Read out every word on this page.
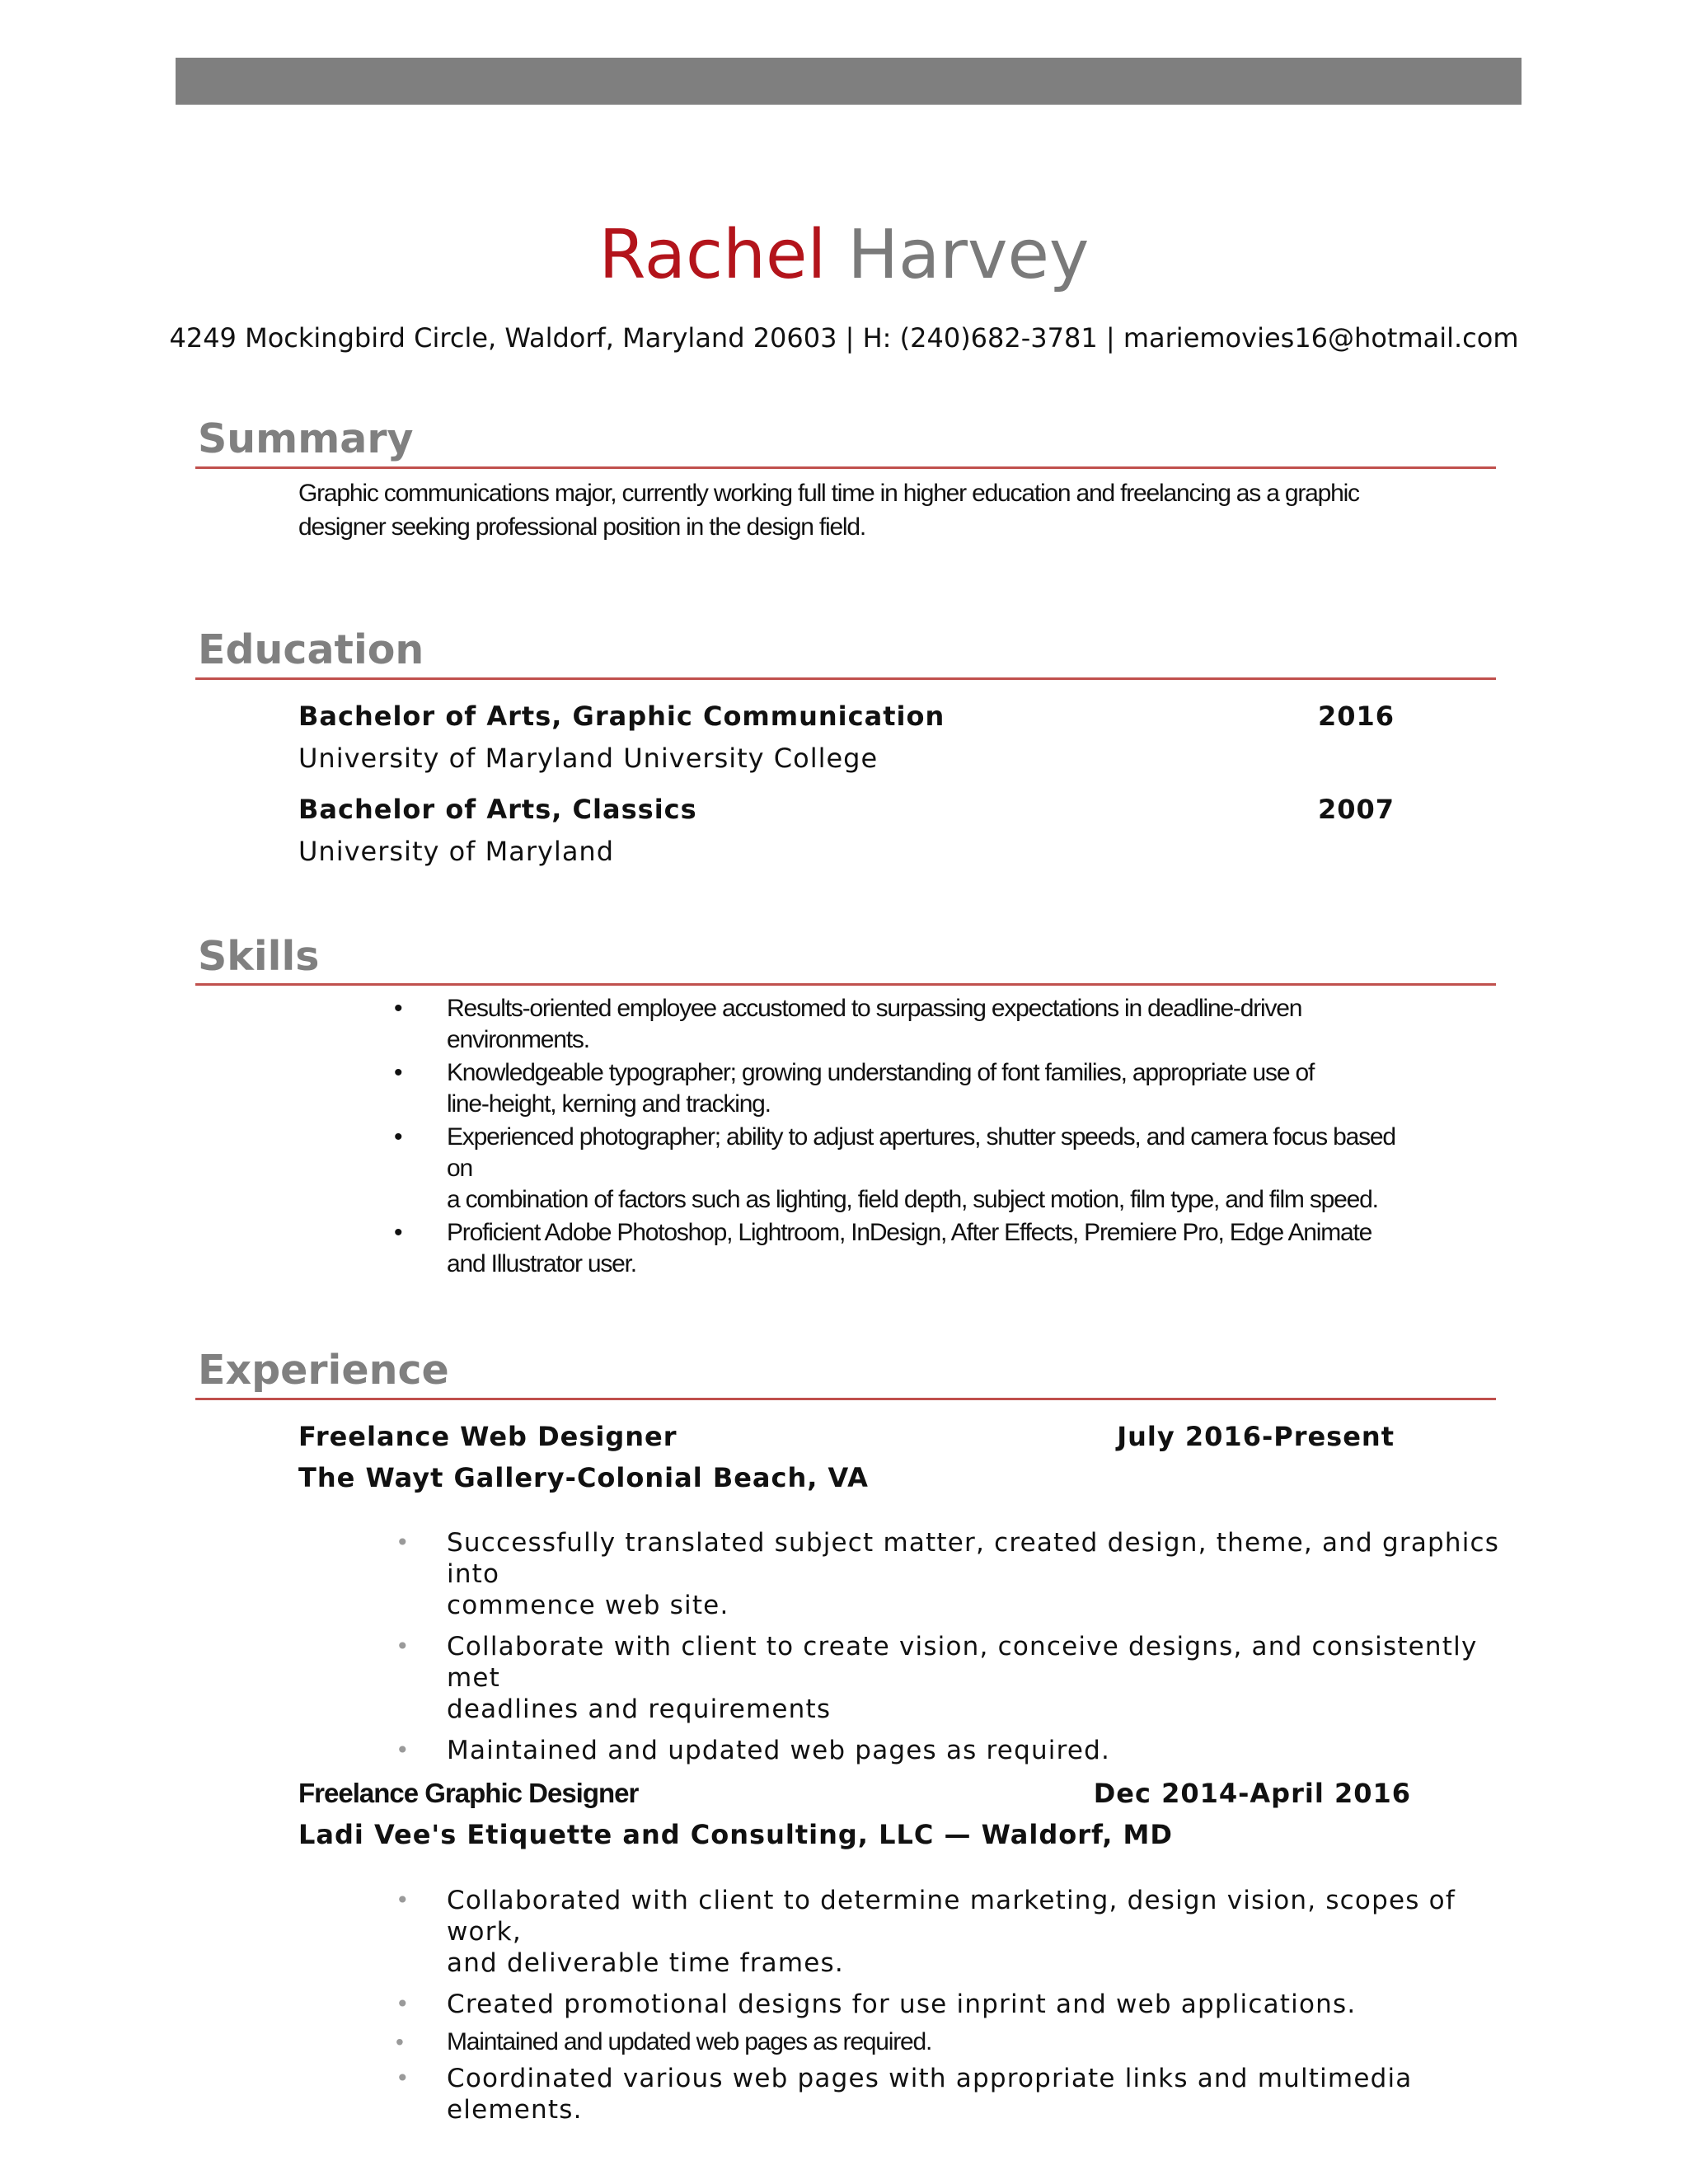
Rachel Harvey
4249 Mockingbird Circle, Waldorf, Maryland 20603 | H: (240)682-3781 | mariemovies16@hotmail.com
Summary
Graphic communications major, currently working full time in higher education and freelancing as a graphic
designer seeking professional position in the design field.
Education
Bachelor of Arts, Graphic Communication	2016
University of Maryland University College
Bachelor of Arts, Classics	2007
University of Maryland
Skills
• Results-oriented employee accustomed to surpassing expectations in deadline-driven
environments.
• Knowledgeable typographer; growing understanding of font families, appropriate use of
line-height, kerning and tracking.
• Experienced photographer; ability to adjust apertures, shutter speeds, and camera focus based
on
a combination of factors such as lighting, field depth, subject motion, film type, and film speed.
• Proficient Adobe Photoshop, Lightroom, InDesign, After Effects, Premiere Pro, Edge Animate
and Illustrator user.
Experience
Freelance Web Designer	July 2016-Present
The Wayt Gallery-Colonial Beach, VA
• Successfully translated subject matter, created design, theme, and graphics into
commence web site.
• Collaborate with client to create vision, conceive designs, and consistently met
deadlines and requirements
• Maintained and updated web pages as required.
Freelance Graphic Designer	Dec 2014-April 2016
Ladi Vee's Etiquette and Consulting, LLC — Waldorf, MD
• Collaborated with client to determine marketing, design vision, scopes of work,
and deliverable time frames.
• Created promotional designs for use inprint and web applications.
• Maintained and updated web pages as required.
• Coordinated various web pages with appropriate links and multimedia elements.
